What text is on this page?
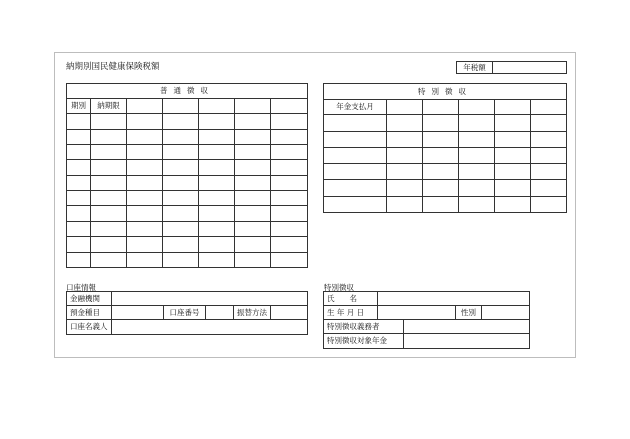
納期別国民健康保険税額	年税額	
普通徴収						
期別	納期限					

特別徴収					
年金支払月					

口座情報
金融機関					
預金種目		口座番号		振替方法	
口座名義人					
特別徴収
氏　　名				
生 年 月 日			性別	
特別徴収義務者				
特別徴収対象年金				
